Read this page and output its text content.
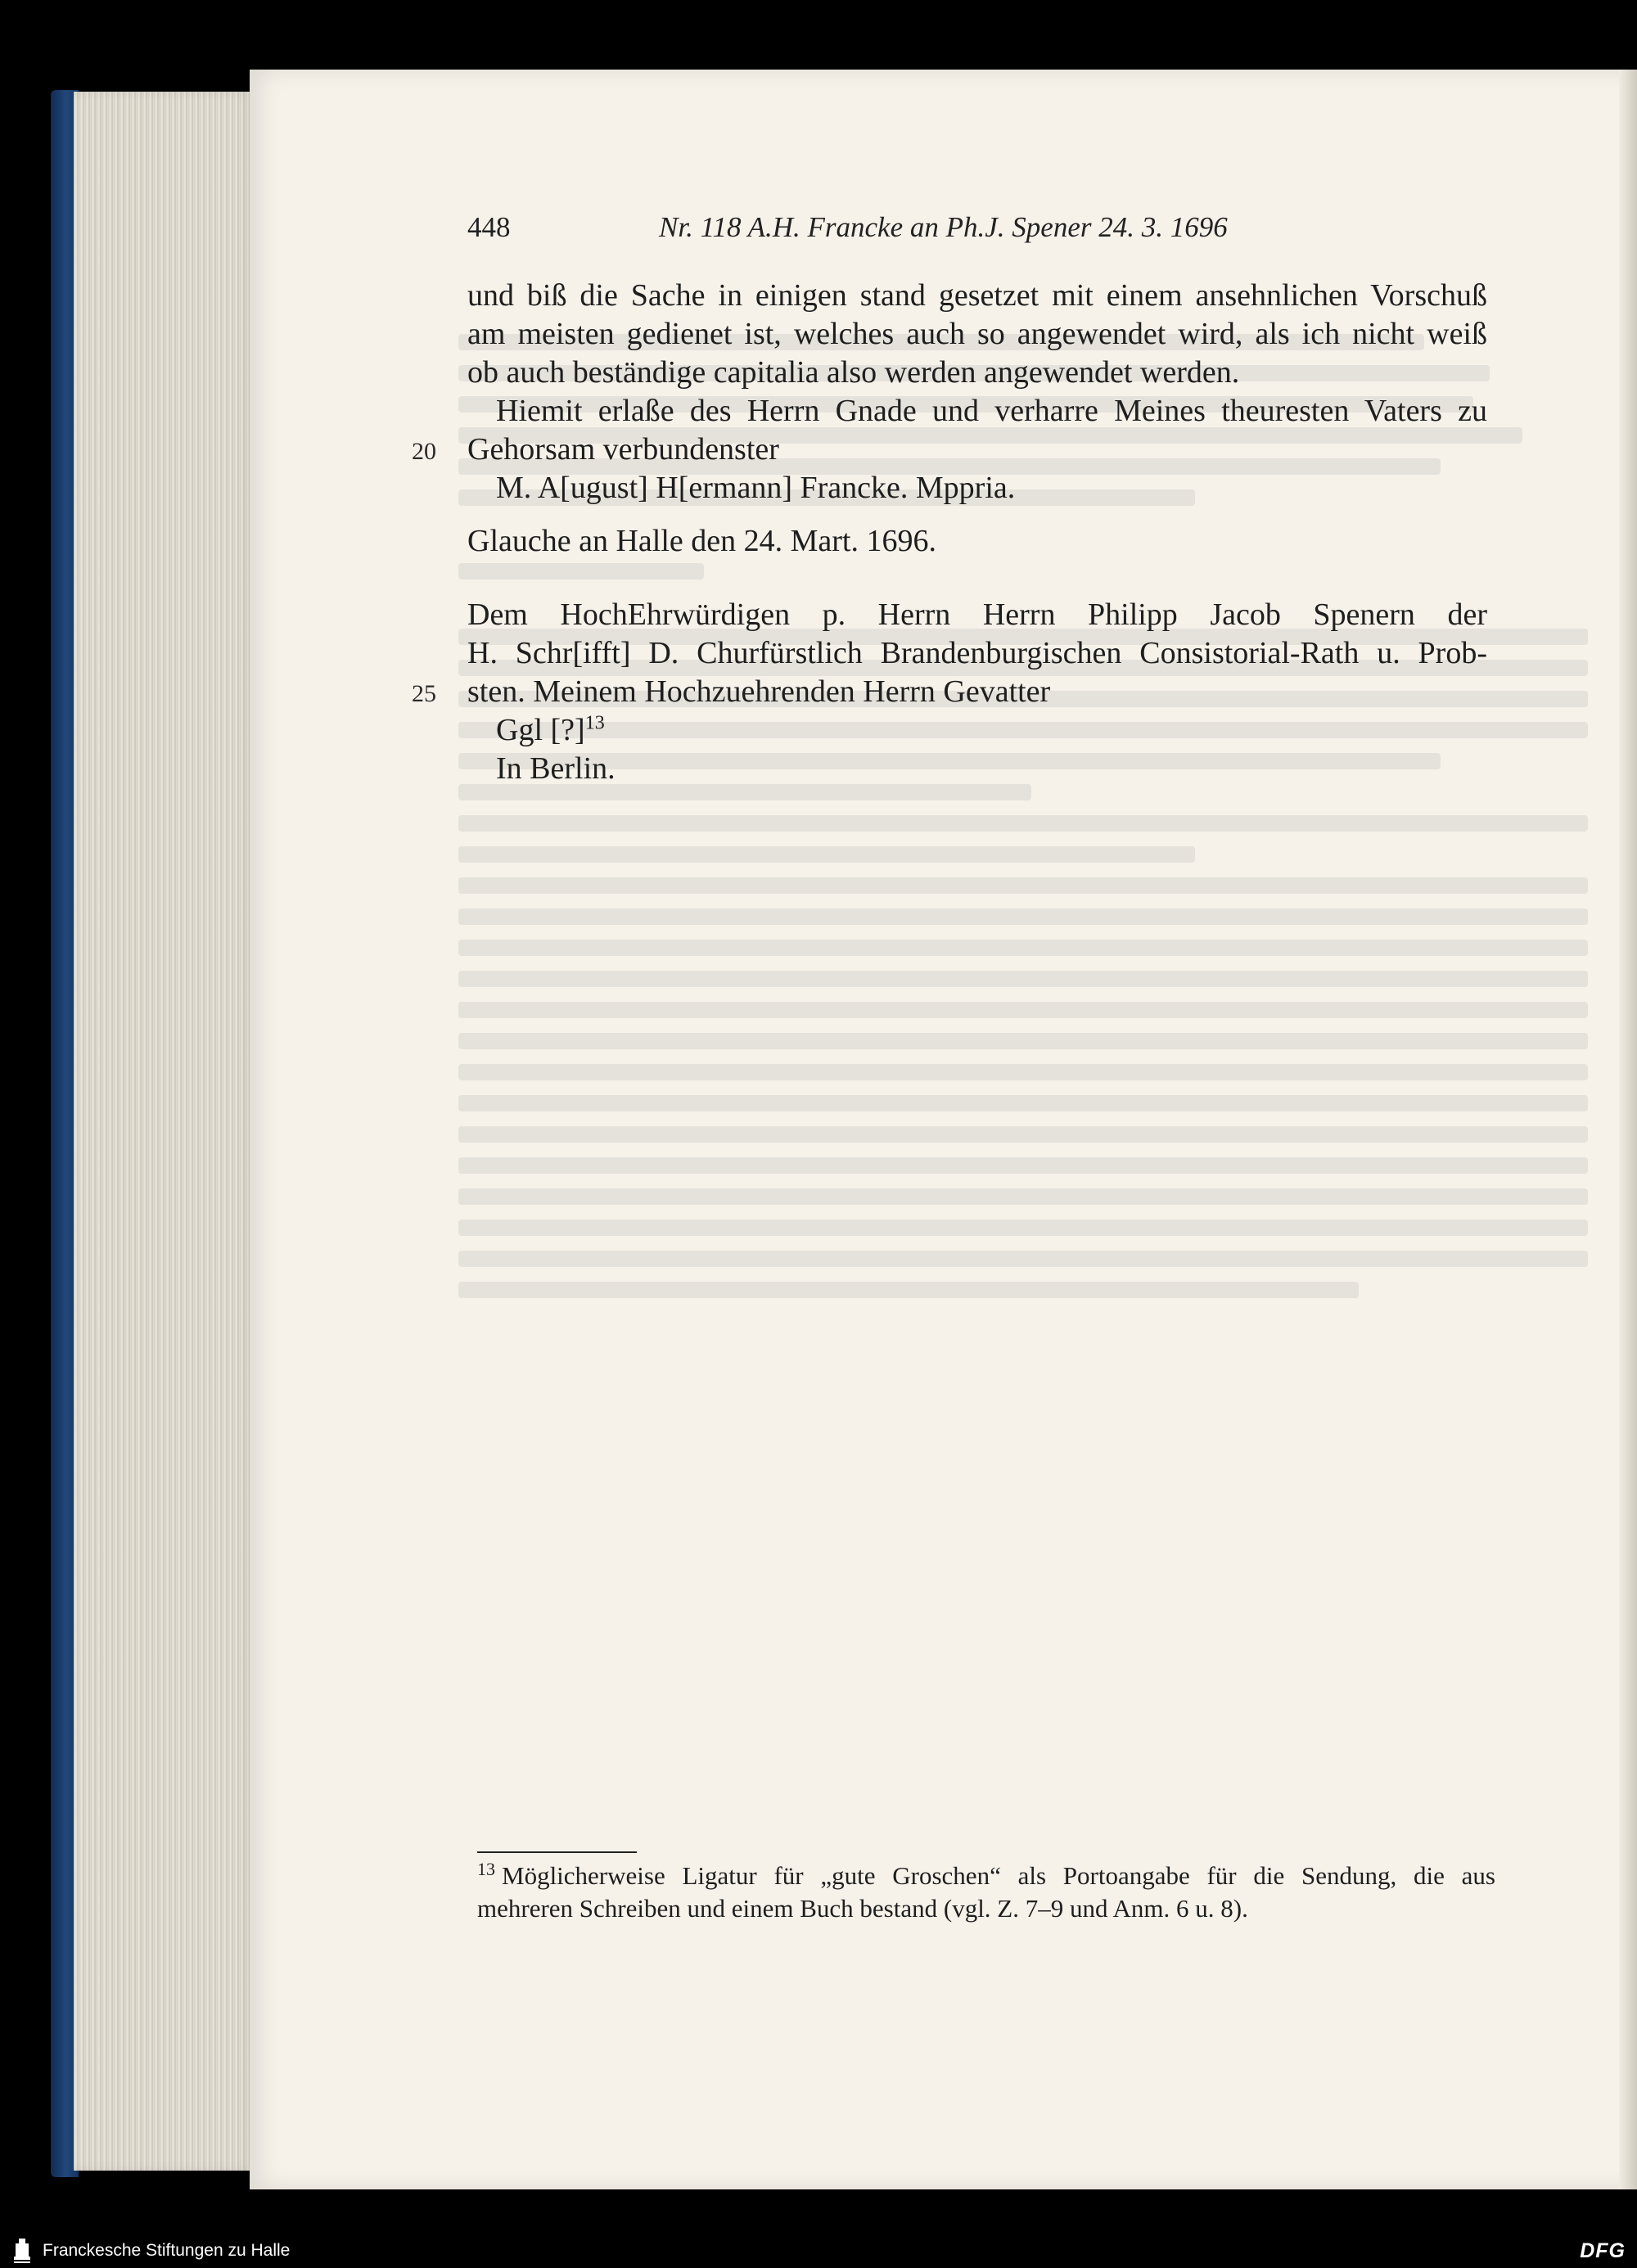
448	Nr. 118 A.H. Francke an Ph.J. Spener 24. 3. 1696
und biß die Sache in einigen stand gesetzet mit einem ansehnlichen Vorschuß
am meisten gedienet ist, welches auch so angewendet wird, als ich nicht weiß
ob auch beständige capitalia also werden angewendet werden.
Hiemit erlaße des Herrn Gnade und verharre Meines theuresten Vaters zu
Gehorsam verbundenster
M. A[ugust] H[ermann] Francke. Mppria.
Glauche an Halle den 24. Mart. 1696.
Dem HochEhrwürdigen p. Herrn Herrn Philipp Jacob Spenern der
H. Schr[ifft] D. Churfürstlich Brandenburgischen Consistorial-Rath u. Prob-
sten. Meinem Hochzuehrenden Herrn Gevatter
Ggl [?]$^{13}$
In Berlin.
20
25
$^{13}$ Möglicherweise Ligatur für „gute Groschen“ als Portoangabe für die Sendung, die aus
mehreren Schreiben und einem Buch bestand (vgl. Z. 7–9 und Anm. 6 u. 8).
Franckesche Stiftungen zu Halle	DFG
